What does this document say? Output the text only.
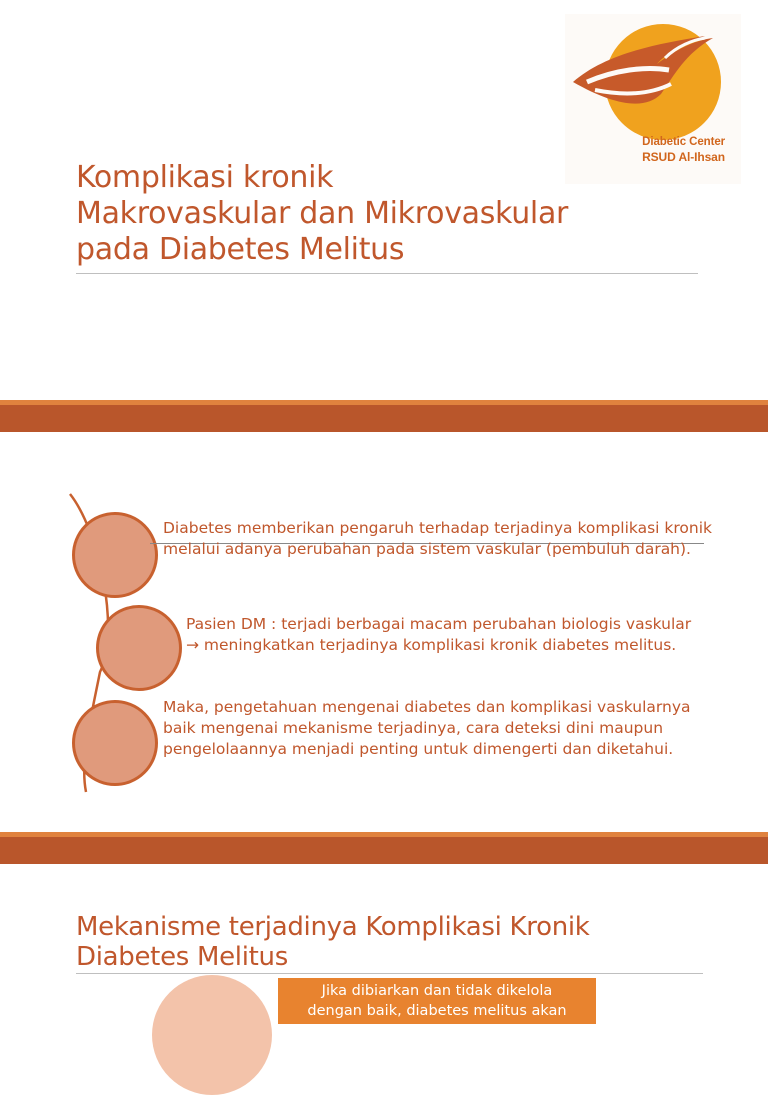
Diabetic Center
RSUD Al-Ihsan
Komplikasi kronik
Makrovaskular dan Mikrovaskular
pada Diabetes Melitus

Diabetes memberikan pengaruh terhadap terjadinya komplikasi kronik melalui adanya perubahan pada sistem vaskular (pembuluh darah).

Pasien DM : terjadi berbagai macam perubahan biologis vaskular → meningkatkan terjadinya komplikasi kronik diabetes melitus.

Maka, pengetahuan mengenai diabetes dan komplikasi vaskularnya baik mengenai mekanisme terjadinya, cara deteksi dini maupun pengelolaannya menjadi penting untuk dimengerti dan diketahui.

Mekanisme terjadinya Komplikasi Kronik
Diabetes Melitus
Jika dibiarkan dan tidak dikelola
dengan baik, diabetes melitus akan
